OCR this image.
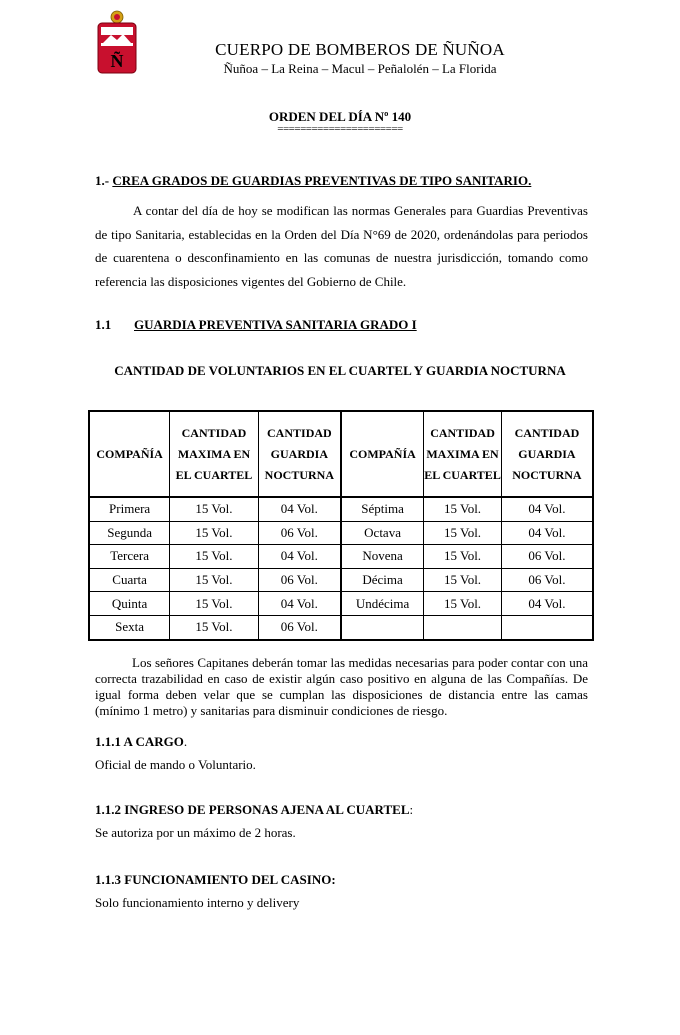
Ñ
CUERPO DE BOMBEROS DE ÑUÑOA
Ñuñoa – La Reina – Macul – Peñalolén – La Florida
ORDEN DEL DÍA Nº 140
======================
1.- CREA GRADOS DE GUARDIAS PREVENTIVAS DE TIPO SANITARIO.
A contar del día de hoy se modifican las normas Generales para Guardias Preventivas de tipo Sanitaria, establecidas en la Orden del Día N°69 de 2020, ordenándolas para periodos de cuarentena o desconfinamiento en las comunas de nuestra jurisdicción, tomando como referencia las disposiciones vigentes del Gobierno de Chile.
1.1 GUARDIA PREVENTIVA SANITARIA GRADO I
CANTIDAD DE VOLUNTARIOS EN EL CUARTEL Y GUARDIA NOCTURNA
COMPAÑÍA	CANTIDAD MAXIMA EN EL CUARTEL	CANTIDAD GUARDIA NOCTURNA	COMPAÑÍA	CANTIDAD MAXIMA EN EL CUARTEL	CANTIDAD GUARDIA NOCTURNA
Primera	15 Vol.	04 Vol.	Séptima	15 Vol.	04 Vol.
Segunda	15 Vol.	06 Vol.	Octava	15 Vol.	04 Vol.
Tercera	15 Vol.	04 Vol.	Novena	15 Vol.	06 Vol.
Cuarta	15 Vol.	06 Vol.	Décima	15 Vol.	06 Vol.
Quinta	15 Vol.	04 Vol.	Undécima	15 Vol.	04 Vol.
Sexta	15 Vol.	06 Vol.			
Los señores Capitanes deberán tomar las medidas necesarias para poder contar con una correcta trazabilidad en caso de existir algún caso positivo en alguna de las Compañías. De igual forma deben velar que se cumplan las disposiciones de distancia entre las camas (mínimo 1 metro) y sanitarias para disminuir condiciones de riesgo.
1.1.1 A CARGO.
Oficial de mando o Voluntario.
1.1.2 INGRESO DE PERSONAS AJENA AL CUARTEL:
Se autoriza por un máximo de 2 horas.
1.1.3 FUNCIONAMIENTO DEL CASINO:
Solo funcionamiento interno y delivery
